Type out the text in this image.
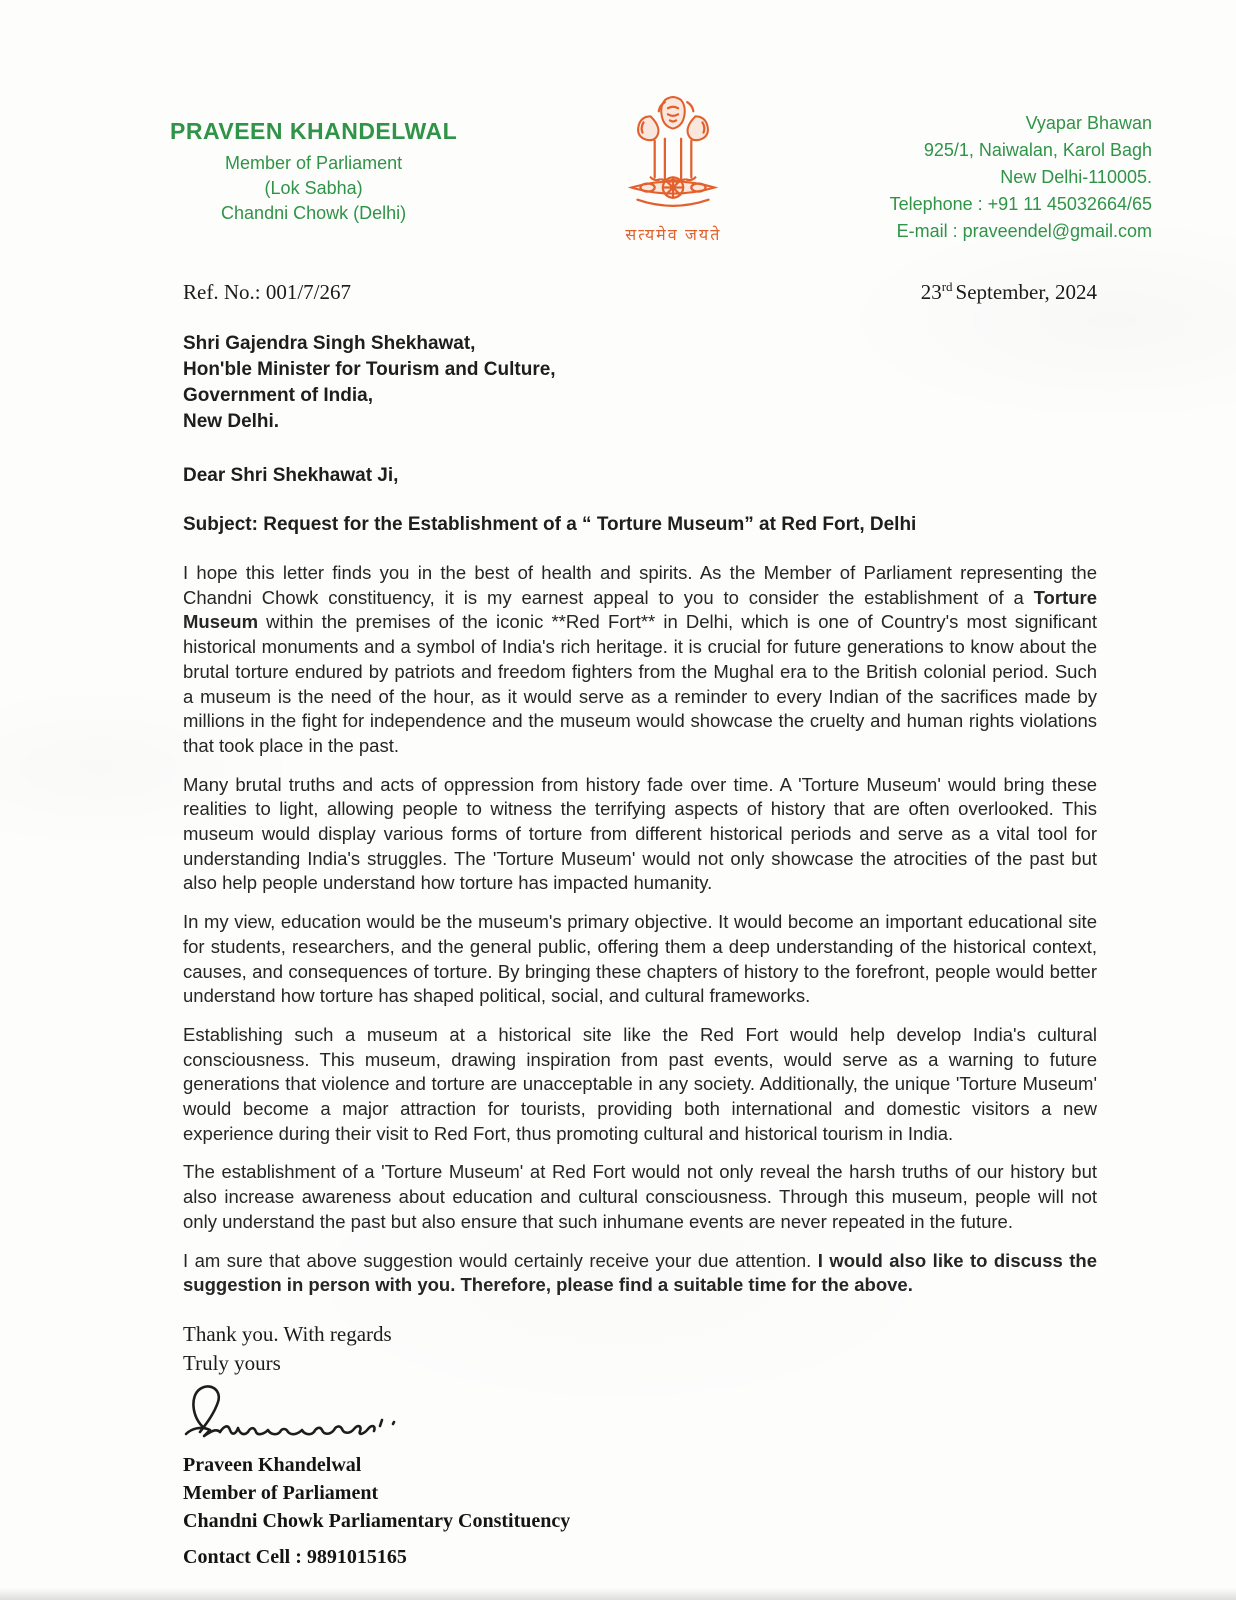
PRAVEEN KHANDELWAL
Member of Parliament
(Lok Sabha)
Chandni Chowk (Delhi)
सत्यमेव जयते
Vyapar Bhawan
925/1, Naiwalan, Karol Bagh
New Delhi-110005.
Telephone : +91 11 45032664/65
E-mail : praveendel@gmail.com
Ref. No.: 001/7/267	23rd September, 2024
Shri Gajendra Singh Shekhawat,
Hon'ble Minister for Tourism and Culture,
Government of India,
New Delhi.
Dear Shri Shekhawat Ji,
Subject: Request for the Establishment of a “ Torture Museum” at Red Fort, Delhi

I hope this letter finds you in the best of health and spirits. As the Member of Parliament representing the Chandni Chowk constituency, it is my earnest appeal to you to consider the establishment of a Torture Museum within the premises of the iconic **Red Fort** in Delhi, which is one of Country's most significant historical monuments and a symbol of India's rich heritage. it is crucial for future generations to know about the brutal torture endured by patriots and freedom fighters from the Mughal era to the British colonial period. Such a museum is the need of the hour, as it would serve as a reminder to every Indian of the sacrifices made by millions in the fight for independence and the museum would showcase the cruelty and human rights violations that took place in the past.

Many brutal truths and acts of oppression from history fade over time. A 'Torture Museum' would bring these realities to light, allowing people to witness the terrifying aspects of history that are often overlooked. This museum would display various forms of torture from different historical periods and serve as a vital tool for understanding India's struggles. The 'Torture Museum' would not only showcase the atrocities of the past but also help people understand how torture has impacted humanity.

In my view, education would be the museum's primary objective. It would become an important educational site for students, researchers, and the general public, offering them a deep understanding of the historical context, causes, and consequences of torture. By bringing these chapters of history to the forefront, people would better understand how torture has shaped political, social, and cultural frameworks.

Establishing such a museum at a historical site like the Red Fort would help develop India's cultural consciousness. This museum, drawing inspiration from past events, would serve as a warning to future generations that violence and torture are unacceptable in any society. Additionally, the unique 'Torture Museum' would become a major attraction for tourists, providing both international and domestic visitors a new experience during their visit to Red Fort, thus promoting cultural and historical tourism in India.

The establishment of a 'Torture Museum' at Red Fort would not only reveal the harsh truths of our history but also increase awareness about education and cultural consciousness. Through this museum, people will not only understand the past but also ensure that such inhumane events are never repeated in the future.

I am sure that above suggestion would certainly receive your due attention. I would also like to discuss the suggestion in person with you. Therefore, please find a suitable time for the above.

Thank you. With regards
Truly yours
Praveen Khandelwal
Member of Parliament
Chandni Chowk Parliamentary Constituency
Contact Cell : 9891015165
